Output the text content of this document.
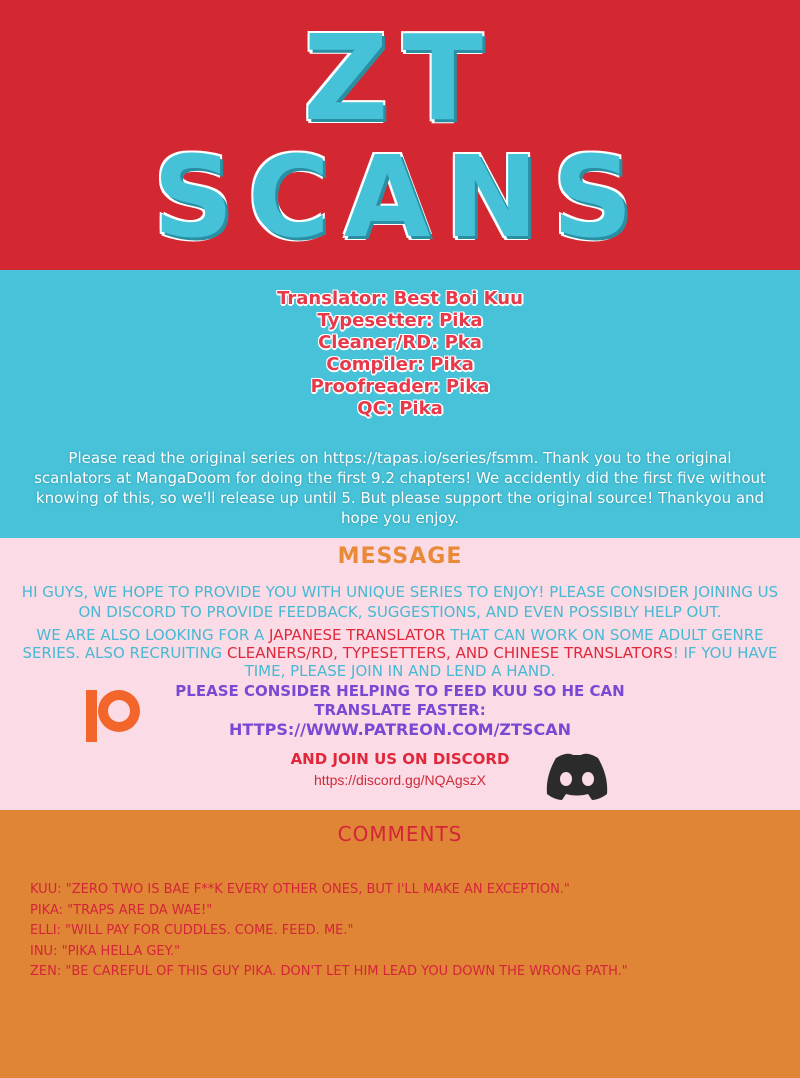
ZT
SCANS
Translator: Best Boi Kuu
Typesetter: Pika
Cleaner/RD: Pka
Compiler: Pika
Proofreader: Pika
QC: Pika
Please read the original series on https://tapas.io/series/fsmm. Thank you to the original scanlators at MangaDoom for doing the first 9.2 chapters! We accidently did the first five without knowing of this, so we'll release up until 5. But please support the original source! Thankyou and hope you enjoy.
MESSAGE
HI GUYS, WE HOPE TO PROVIDE YOU WITH UNIQUE SERIES TO ENJOY! PLEASE CONSIDER JOINING US ON DISCORD TO PROVIDE FEEDBACK, SUGGESTIONS, AND EVEN POSSIBLY HELP OUT.
WE ARE ALSO LOOKING FOR A JAPANESE TRANSLATOR THAT CAN WORK ON SOME ADULT GENRE SERIES. ALSO RECRUITING CLEANERS/RD, TYPESETTERS, AND CHINESE TRANSLATORS! IF YOU HAVE TIME, PLEASE JOIN IN AND LEND A HAND.
PLEASE CONSIDER HELPING TO FEED KUU SO HE CAN
TRANSLATE FASTER:
HTTPS://WWW.PATREON.COM/ZTSCAN
AND JOIN US ON DISCORD
https://discord.gg/NQAgszX
COMMENTS
KUU: "ZERO TWO IS BAE F**K EVERY OTHER ONES, BUT I'LL MAKE AN EXCEPTION."
PIKA: "TRAPS ARE DA WAE!"
ELLI: "WILL PAY FOR CUDDLES. COME. FEED. ME."
INU: "PIKA HELLA GEY."
ZEN: "BE CAREFUL OF THIS GUY PIKA. DON'T LET HIM LEAD YOU DOWN THE WRONG PATH."
